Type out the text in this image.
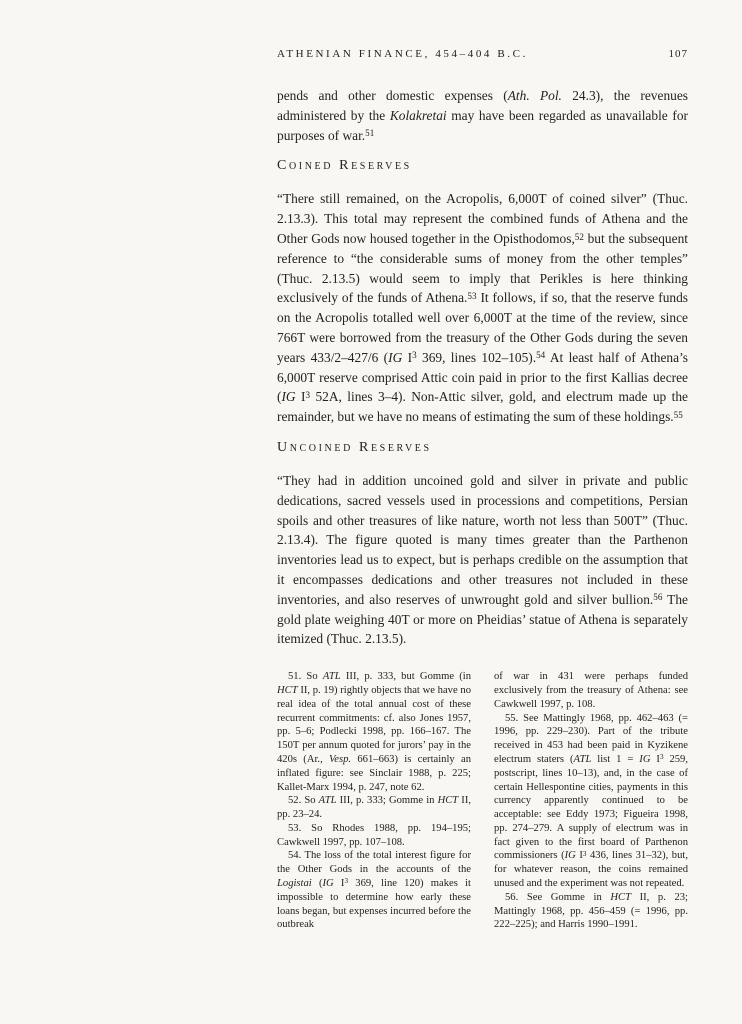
ATHENIAN FINANCE, 454–404 B.C.	107

pends and other domestic expenses (Ath. Pol. 24.3), the revenues administered by the Kolakretai may have been regarded as unavailable for purposes of war.$^{51}$

Coined Reserves

“There still remained, on the Acropolis, 6,000T of coined silver” (Thuc. 2.13.3). This total may represent the combined funds of Athena and the Other Gods now housed together in the Opisthodomos,$^{52}$ but the subsequent reference to “the considerable sums of money from the other temples” (Thuc. 2.13.5) would seem to imply that Perikles is here thinking exclusively of the funds of Athena.$^{53}$ It follows, if so, that the reserve funds on the Acropolis totalled well over 6,000T at the time of the review, since 766T were borrowed from the treasury of the Other Gods during the seven years 433/2–427/6 (IG $I^3$ 369, lines 102–105).$^{54}$ At least half of Athena’s 6,000T reserve comprised Attic coin paid in prior to the first Kallias decree (IG $I^3$ 52A, lines 3–4). Non-Attic silver, gold, and electrum made up the remainder, but we have no means of estimating the sum of these holdings.$^{55}$

Uncoined Reserves

“They had in addition uncoined gold and silver in private and public dedications, sacred vessels used in processions and competitions, Persian spoils and other treasures of like nature, worth not less than 500T” (Thuc. 2.13.4). The figure quoted is many times greater than the Parthenon inventories lead us to expect, but is perhaps credible on the assumption that it encompasses dedications and other treasures not included in these inventories, and also reserves of unwrought gold and silver bullion.$^{56}$ The gold plate weighing 40T or more on Pheidias’ statue of Athena is separately itemized (Thuc. 2.13.5).

51. So ATL III, p. 333, but Gomme (in HCT II, p. 19) rightly objects that we have no real idea of the total annual cost of these recurrent commitments: cf. also Jones 1957, pp. 5–6; Podlecki 1998, pp. 166–167. The 150T per annum quoted for jurors’ pay in the 420s (Ar., Vesp. 661–663) is certainly an inflated figure: see Sinclair 1988, p. 225; Kallet-Marx 1994, p. 247, note 62.

52. So ATL III, p. 333; Gomme in HCT II, pp. 23–24.

53. So Rhodes 1988, pp. 194–195; Cawkwell 1997, pp. 107–108.

54. The loss of the total interest figure for the Other Gods in the accounts of the Logistai (IG $I^3$ 369, line 120) makes it impossible to determine how early these loans began, but expenses incurred before the outbreak

of war in 431 were perhaps funded exclusively from the treasury of Athena: see Cawkwell 1997, p. 108.

55. See Mattingly 1968, pp. 462–463 (= 1996, pp. 229–230). Part of the tribute received in 453 had been paid in Kyzikene electrum staters (ATL list 1 = IG $I^3$ 259, postscript, lines 10–13), and, in the case of certain Hellespontine cities, payments in this currency apparently continued to be acceptable: see Eddy 1973; Figueira 1998, pp. 274–279. A supply of electrum was in fact given to the first board of Parthenon commissioners (IG $I^3$ 436, lines 31–32), but, for whatever reason, the coins remained unused and the experiment was not repeated.

56. See Gomme in HCT II, p. 23; Mattingly 1968, pp. 456–459 (= 1996, pp. 222–225); and Harris 1990–1991.
